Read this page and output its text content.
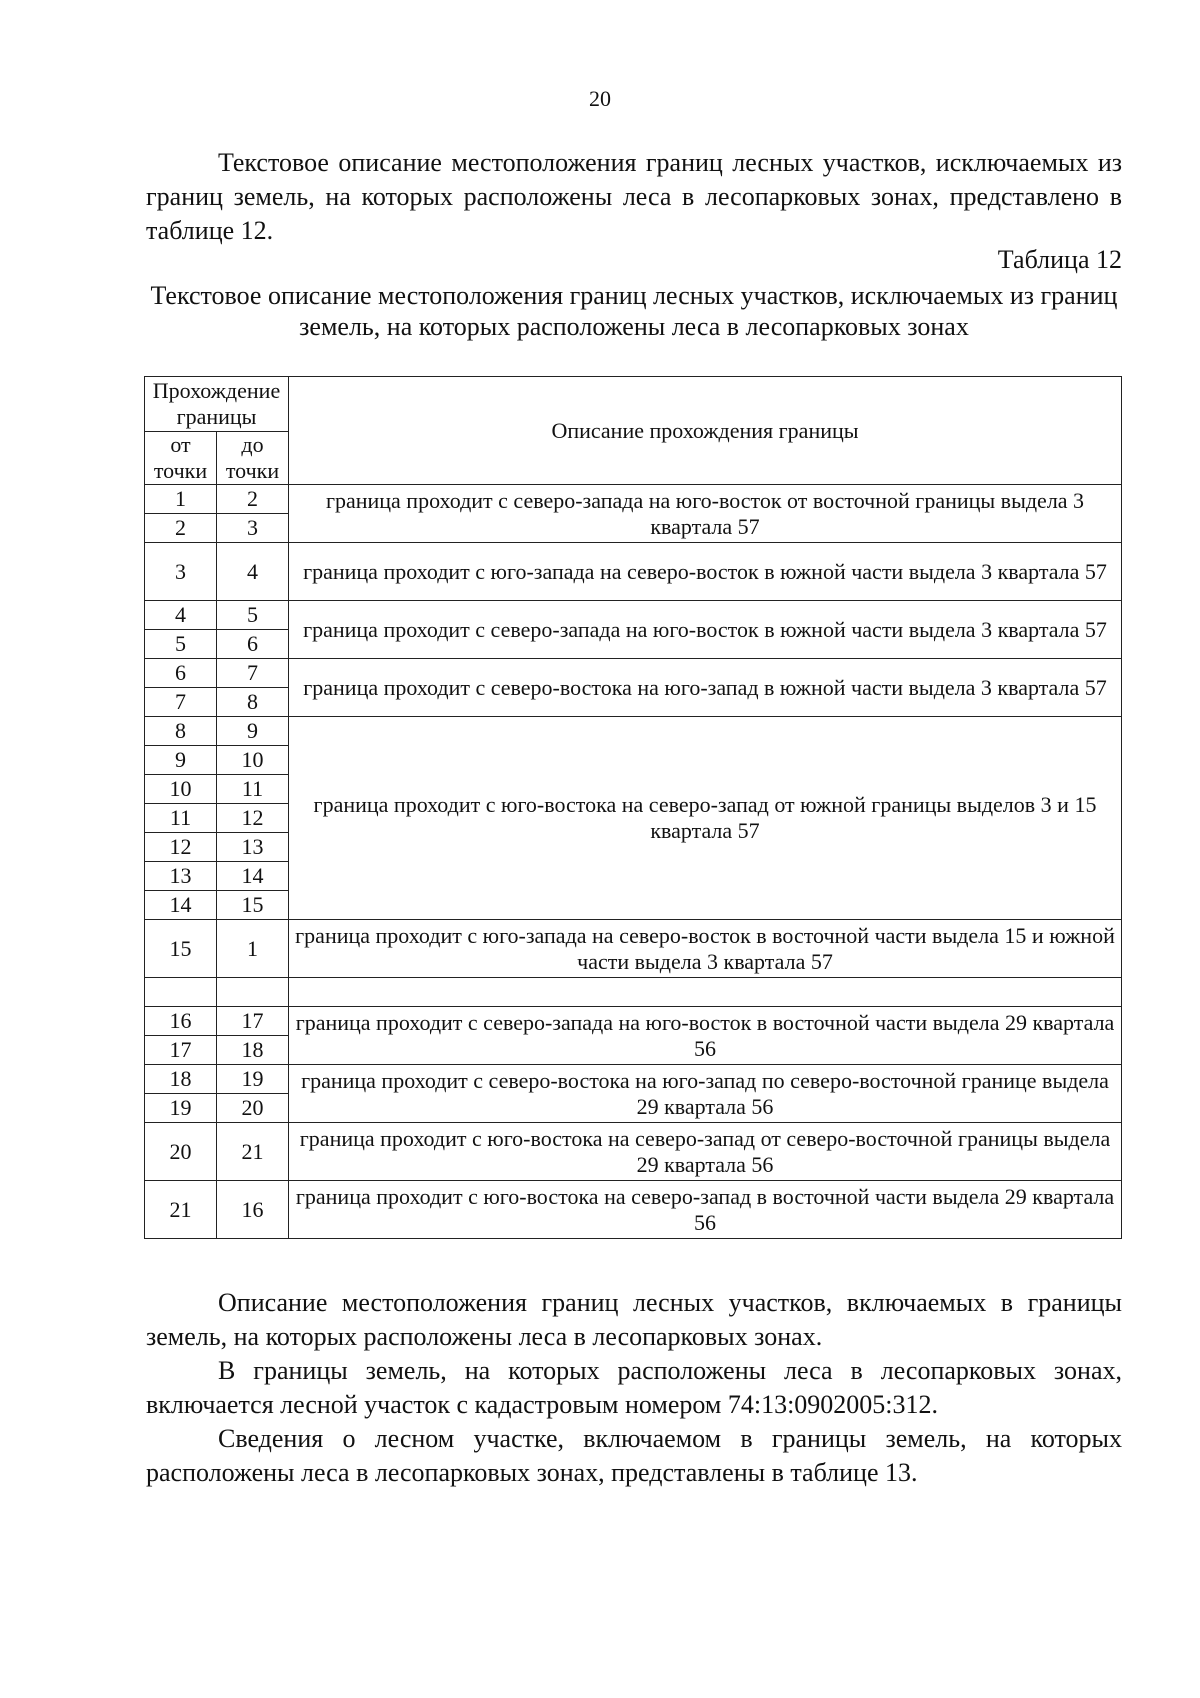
20

Текстовое описание местоположения границ лесных участков, исключаемых из границ земель, на которых расположены леса в лесопарковых зонах, представлено в таблице 12.

Таблица 12
Текстовое описание местоположения границ лесных участков, исключаемых из границ земель, на которых расположены леса в лесопарковых зонах
Прохождение границы		Описание прохождения границы
от точки	до точки	
1	2	граница проходит с северо-запада на юго-восток от восточной границы выдела 3 квартала 57
2	3	
3	4	граница проходит с юго-запада на северо-восток в южной части выдела 3 квартала 57
4	5	граница проходит с северо-запада на юго-восток в южной части выдела 3 квартала 57
5	6	
6	7	граница проходит с северо-востока на юго-запад в южной части выдела 3 квартала 57
7	8	
8	9	граница проходит с юго-востока на северо-запад от южной границы выделов 3 и 15 квартала 57
9	10	
10	11	
11	12	
12	13	
13	14	
14	15	
15	1	граница проходит с юго-запада на северо-восток в восточной части выдела 15 и южной части выдела 3 квартала 57

16	17	граница проходит с северо-запада на юго-восток в восточной части выдела 29 квартала 56
17	18	
18	19	граница проходит с северо-востока на юго-запад по северо-восточной границе выдела 29 квартала 56
19	20	
20	21	граница проходит с юго-востока на северо-запад от северо-восточной границы выдела 29 квартала 56
21	16	граница проходит с юго-востока на северо-запад в восточной части выдела 29 квартала 56

Описание местоположения границ лесных участков, включаемых в границы земель, на которых расположены леса в лесопарковых зонах.

В границы земель, на которых расположены леса в лесопарковых зонах, включается лесной участок с кадастровым номером 74:13:0902005:312.

Сведения о лесном участке, включаемом в границы земель, на которых расположены леса в лесопарковых зонах, представлены в таблице 13.
